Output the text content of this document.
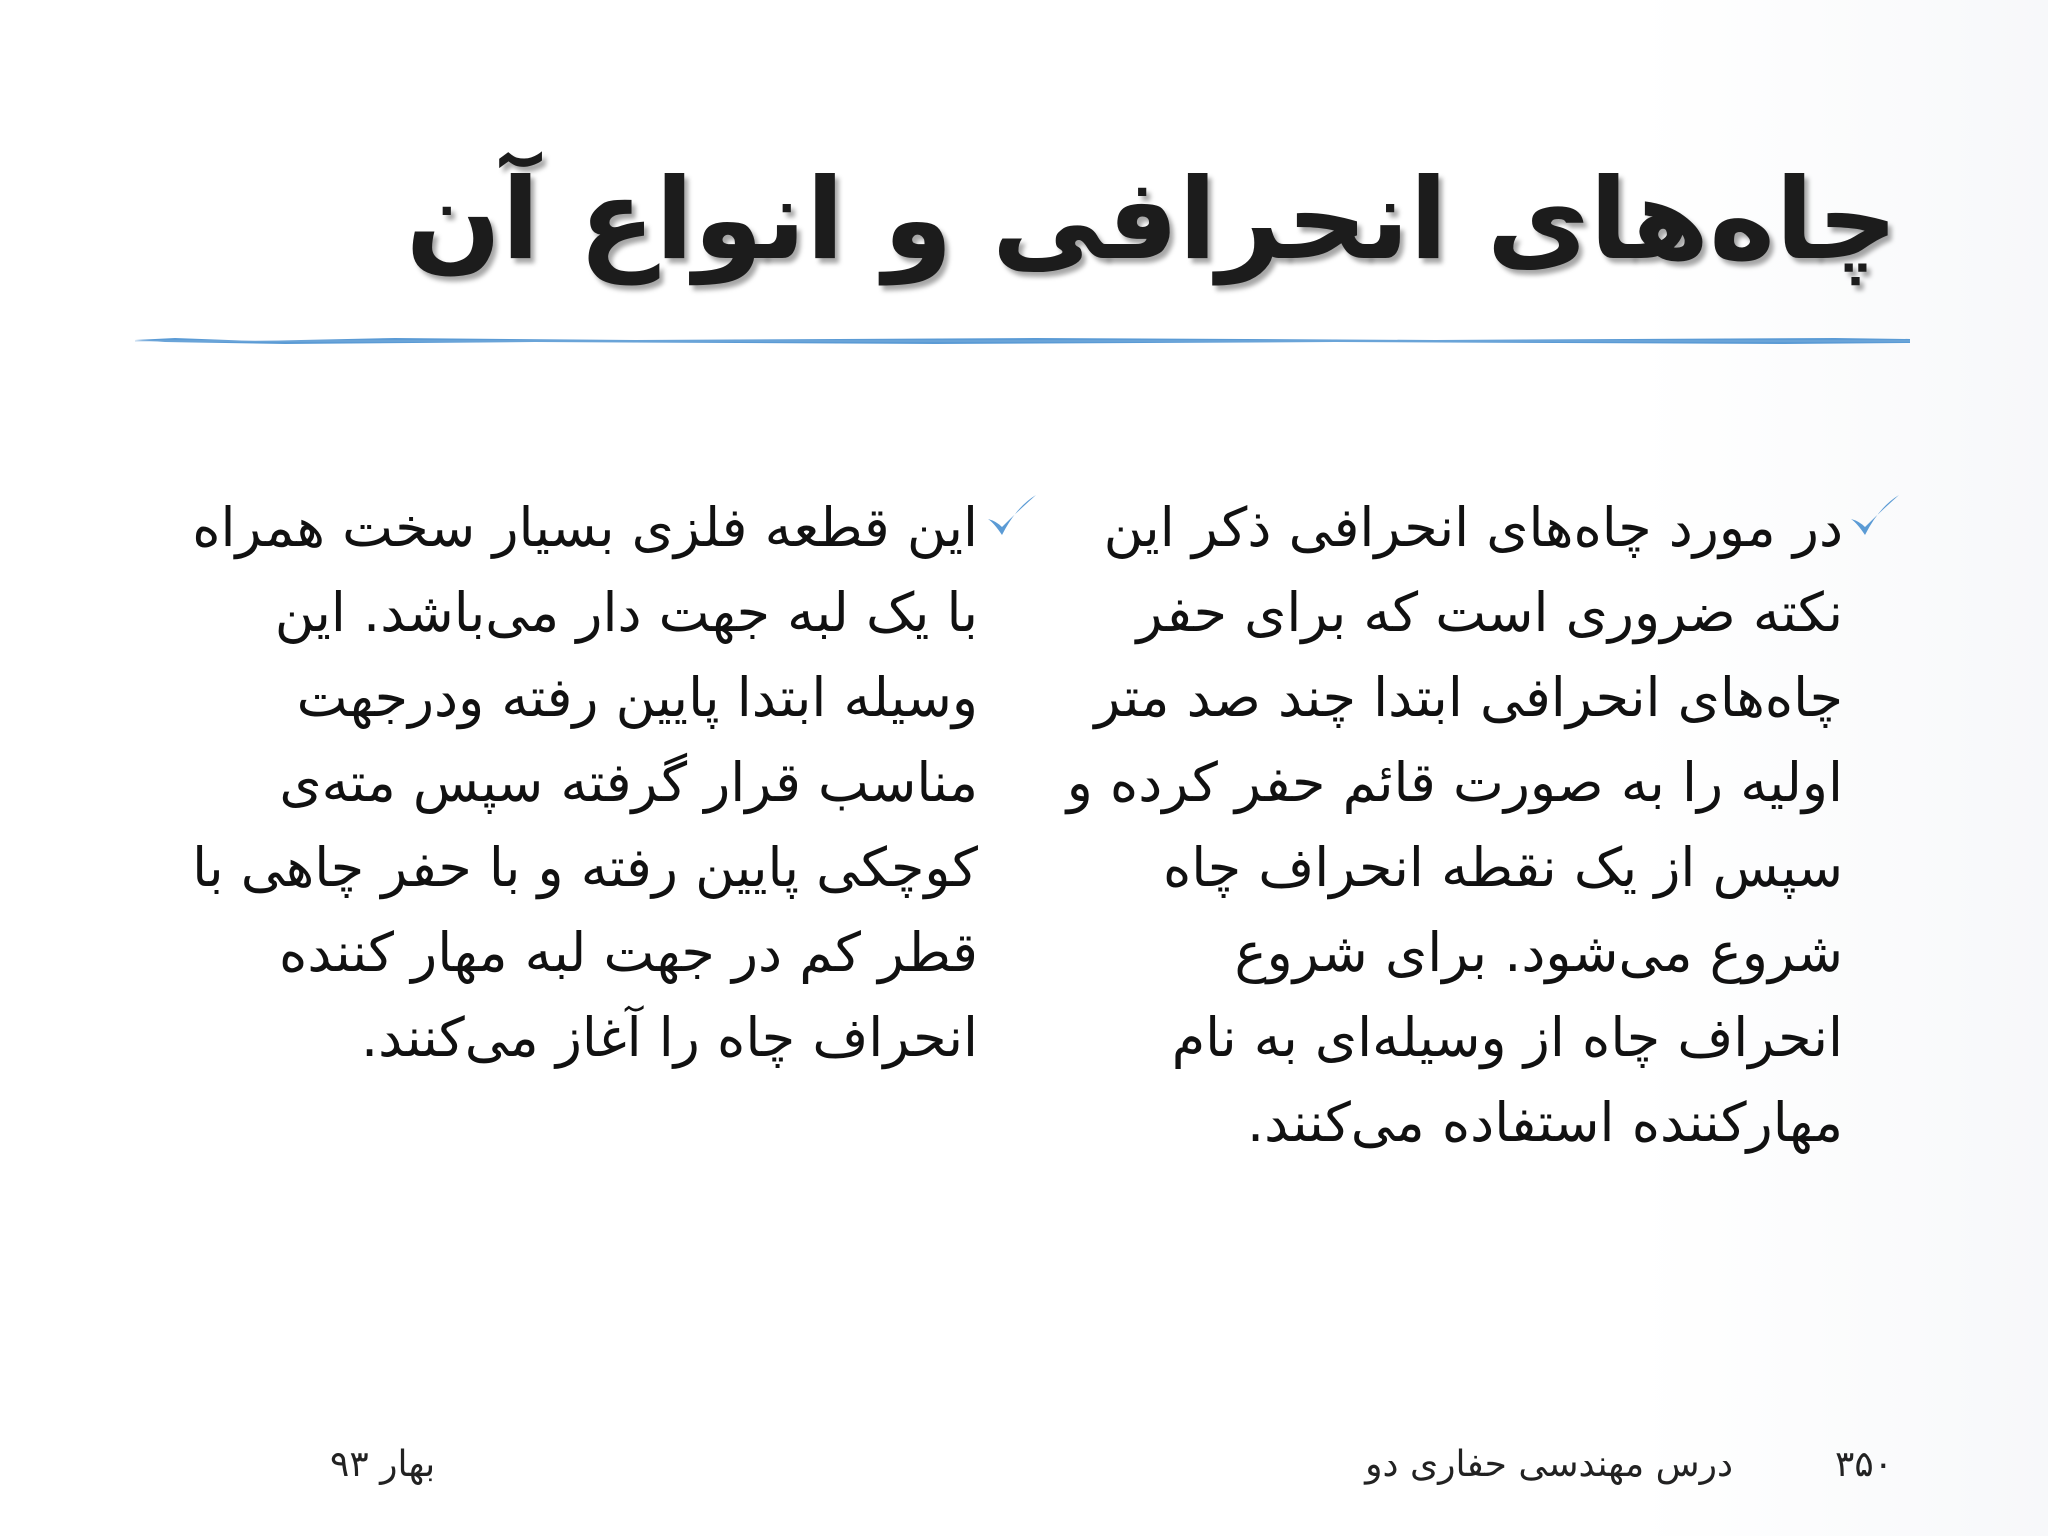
چاه‌های انحرافی و انواع آن

در مورد چاه‌های انحرافی ذکر این نکته ضروری است که برای حفر چاه‌های انحرافی ابتدا چند صد متر اولیه را به صورت قائم حفر کرده و سپس از یک نقطه انحراف چاه شروع می‌شود. برای شروع انحراف چاه از وسیله‌ای به نام مهارکننده استفاده می‌کنند.

این قطعه فلزی بسیار سخت همراه با یک لبه جهت دار می‌باشد. این وسیله ابتدا پایین رفته ودرجهت مناسب قرار گرفته سپس مته‌ی کوچکی پایین رفته و با حفر چاهی با قطر کم در جهت لبه مهار کننده انحراف چاه را آغاز می‌کنند.

۳۵۰
درس مهندسی حفاری دو
بهار ۹۳
